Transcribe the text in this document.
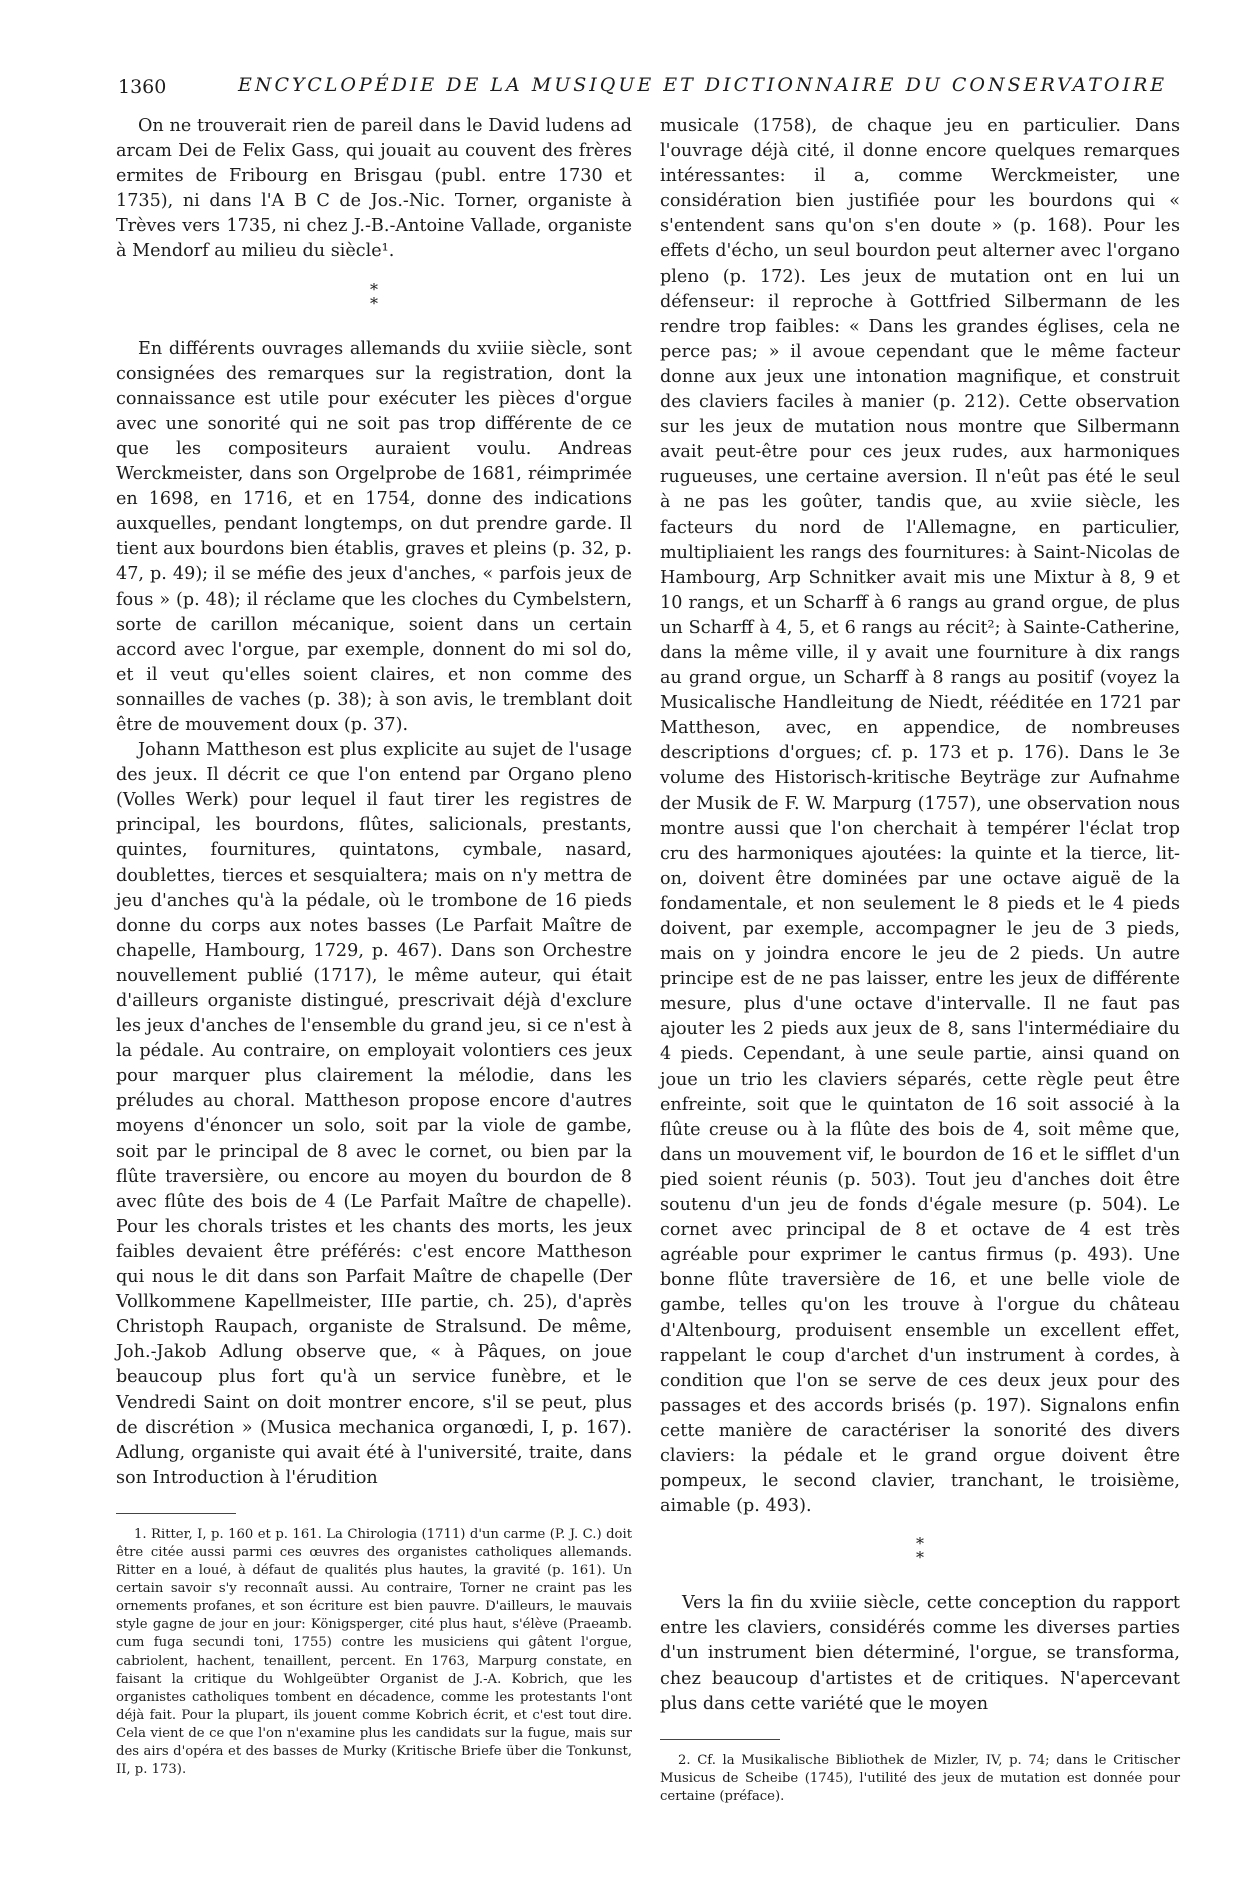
1360	ENCYCLOPÉDIE DE LA MUSIQUE ET DICTIONNAIRE DU CONSERVATOIRE

On ne trouverait rien de pareil dans le David ludens ad arcam Dei de Felix Gass, qui jouait au couvent des frères ermites de Fribourg en Brisgau (publ. entre 1730 et 1735), ni dans l'A B C de Jos.-Nic. Torner, organiste à Trèves vers 1735, ni chez J.-B.-Antoine Vallade, organiste à Mendorf au milieu du siècle¹.

*
*

En différents ouvrages allemands du xviiie siècle, sont consignées des remarques sur la registration, dont la connaissance est utile pour exécuter les pièces d'orgue avec une sonorité qui ne soit pas trop différente de ce que les compositeurs auraient voulu. Andreas Werckmeister, dans son Orgelprobe de 1681, réimprimée en 1698, en 1716, et en 1754, donne des indications auxquelles, pendant longtemps, on dut prendre garde. Il tient aux bourdons bien établis, graves et pleins (p. 32, p. 47, p. 49); il se méfie des jeux d'anches, « parfois jeux de fous » (p. 48); il réclame que les cloches du Cymbelstern, sorte de carillon mécanique, soient dans un certain accord avec l'orgue, par exemple, donnent do mi sol do, et il veut qu'elles soient claires, et non comme des sonnailles de vaches (p. 38); à son avis, le tremblant doit être de mouvement doux (p. 37).

Johann Mattheson est plus explicite au sujet de l'usage des jeux. Il décrit ce que l'on entend par Organo pleno (Volles Werk) pour lequel il faut tirer les registres de principal, les bourdons, flûtes, salicionals, prestants, quintes, fournitures, quintatons, cymbale, nasard, doublettes, tierces et sesquialtera; mais on n'y mettra de jeu d'anches qu'à la pédale, où le trombone de 16 pieds donne du corps aux notes basses (Le Parfait Maître de chapelle, Hambourg, 1729, p. 467). Dans son Orchestre nouvellement publié (1717), le même auteur, qui était d'ailleurs organiste distingué, prescrivait déjà d'exclure les jeux d'anches de l'ensemble du grand jeu, si ce n'est à la pédale. Au contraire, on employait volontiers ces jeux pour marquer plus clairement la mélodie, dans les préludes au choral. Mattheson propose encore d'autres moyens d'énoncer un solo, soit par la viole de gambe, soit par le principal de 8 avec le cornet, ou bien par la flûte traversière, ou encore au moyen du bourdon de 8 avec flûte des bois de 4 (Le Parfait Maître de chapelle). Pour les chorals tristes et les chants des morts, les jeux faibles devaient être préférés: c'est encore Mattheson qui nous le dit dans son Parfait Maître de chapelle (Der Vollkommene Kapellmeister, IIIe partie, ch. 25), d'après Christoph Raupach, organiste de Stralsund. De même, Joh.-Jakob Adlung observe que, « à Pâques, on joue beaucoup plus fort qu'à un service funèbre, et le Vendredi Saint on doit montrer encore, s'il se peut, plus de discrétion » (Musica mechanica organœdi, I, p. 167). Adlung, organiste qui avait été à l'université, traite, dans son Introduction à l'érudition

1. Ritter, I, p. 160 et p. 161. La Chirologia (1711) d'un carme (P. J. C.) doit être citée aussi parmi ces œuvres des organistes catholiques allemands. Ritter en a loué, à défaut de qualités plus hautes, la gravité (p. 161). Un certain savoir s'y reconnaît aussi. Au contraire, Torner ne craint pas les ornements profanes, et son écriture est bien pauvre. D'ailleurs, le mauvais style gagne de jour en jour: Königsperger, cité plus haut, s'élève (Praeamb. cum fuga secundi toni, 1755) contre les musiciens qui gâtent l'orgue, cabriolent, hachent, tenaillent, percent. En 1763, Marpurg constate, en faisant la critique du Wohlgeübter Organist de J.-A. Kobrich, que les organistes catholiques tombent en décadence, comme les protestants l'ont déjà fait. Pour la plupart, ils jouent comme Kobrich écrit, et c'est tout dire. Cela vient de ce que l'on n'examine plus les candidats sur la fugue, mais sur des airs d'opéra et des basses de Murky (Kritische Briefe über die Tonkunst, II, p. 173).

musicale (1758), de chaque jeu en particulier. Dans l'ouvrage déjà cité, il donne encore quelques remarques intéressantes: il a, comme Werckmeister, une considération bien justifiée pour les bourdons qui « s'entendent sans qu'on s'en doute » (p. 168). Pour les effets d'écho, un seul bourdon peut alterner avec l'organo pleno (p. 172). Les jeux de mutation ont en lui un défenseur: il reproche à Gottfried Silbermann de les rendre trop faibles: « Dans les grandes églises, cela ne perce pas; » il avoue cependant que le même facteur donne aux jeux une intonation magnifique, et construit des claviers faciles à manier (p. 212). Cette observation sur les jeux de mutation nous montre que Silbermann avait peut-être pour ces jeux rudes, aux harmoniques rugueuses, une certaine aversion. Il n'eût pas été le seul à ne pas les goûter, tandis que, au xviie siècle, les facteurs du nord de l'Allemagne, en particulier, multipliaient les rangs des fournitures: à Saint-Nicolas de Hambourg, Arp Schnitker avait mis une Mixtur à 8, 9 et 10 rangs, et un Scharff à 6 rangs au grand orgue, de plus un Scharff à 4, 5, et 6 rangs au récit²; à Sainte-Catherine, dans la même ville, il y avait une fourniture à dix rangs au grand orgue, un Scharff à 8 rangs au positif (voyez la Musicalische Handleitung de Niedt, rééditée en 1721 par Mattheson, avec, en appendice, de nombreuses descriptions d'orgues; cf. p. 173 et p. 176). Dans le 3e volume des Historisch-kritische Beyträge zur Aufnahme der Musik de F. W. Marpurg (1757), une observation nous montre aussi que l'on cherchait à tempérer l'éclat trop cru des harmoniques ajoutées: la quinte et la tierce, lit-on, doivent être dominées par une octave aiguë de la fondamentale, et non seulement le 8 pieds et le 4 pieds doivent, par exemple, accompagner le jeu de 3 pieds, mais on y joindra encore le jeu de 2 pieds. Un autre principe est de ne pas laisser, entre les jeux de différente mesure, plus d'une octave d'intervalle. Il ne faut pas ajouter les 2 pieds aux jeux de 8, sans l'intermédiaire du 4 pieds. Cependant, à une seule partie, ainsi quand on joue un trio les claviers séparés, cette règle peut être enfreinte, soit que le quintaton de 16 soit associé à la flûte creuse ou à la flûte des bois de 4, soit même que, dans un mouvement vif, le bourdon de 16 et le sifflet d'un pied soient réunis (p. 503). Tout jeu d'anches doit être soutenu d'un jeu de fonds d'égale mesure (p. 504). Le cornet avec principal de 8 et octave de 4 est très agréable pour exprimer le cantus firmus (p. 493). Une bonne flûte traversière de 16, et une belle viole de gambe, telles qu'on les trouve à l'orgue du château d'Altenbourg, produisent ensemble un excellent effet, rappelant le coup d'archet d'un instrument à cordes, à condition que l'on se serve de ces deux jeux pour des passages et des accords brisés (p. 197). Signalons enfin cette manière de caractériser la sonorité des divers claviers: la pédale et le grand orgue doivent être pompeux, le second clavier, tranchant, le troisième, aimable (p. 493).

*
*

Vers la fin du xviiie siècle, cette conception du rapport entre les claviers, considérés comme les diverses parties d'un instrument bien déterminé, l'orgue, se transforma, chez beaucoup d'artistes et de critiques. N'apercevant plus dans cette variété que le moyen

2. Cf. la Musikalische Bibliothek de Mizler, IV, p. 74; dans le Critischer Musicus de Scheibe (1745), l'utilité des jeux de mutation est donnée pour certaine (préface).
